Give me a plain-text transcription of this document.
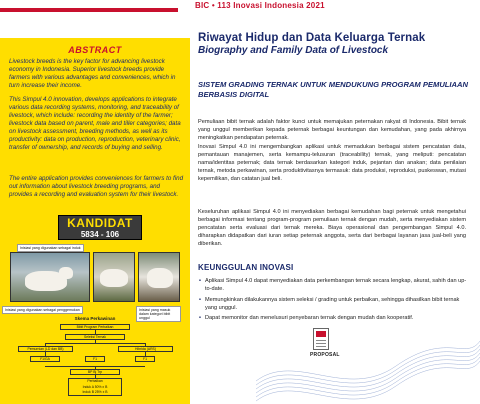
BIC • 113 Inovasi Indonesia 2021
ABSTRACT
Livestock breeds is the key factor for advancing livestock economy in Indonesia. Superior livestock breeds provide farmers with various advantages and conveniences, which in turn increase their income.
This Simpul 4.0 innovation, develops applications to integrate various data recording systems, monitoring, and traceability of livestock, which include: recording the identity of the farmer; livestock data based on parent, male and tiller categories; data on livestock assessment, breeding methods, as well as its productivity: data on production, reproduction, veterinary clinic, transfer of ownership, and records of buying and selling.
The entire application provides conveniences for farmers to find out information about livestock breeding programs, and provides a recording and evaluation system for their livestock.
KANDIDAT
5834 - 106
Inisiasi yang digunakan sebagai induk
Inisiasi yang digunakan sebagai penggemukan	Inisiasi yang masuk dalam kategori bibit unggul
Skema Perkawinan
Bibit Program Perbaikan
Seleksi Ternak
Pemurnian (LD dan BB)	Hibrida (ARS)
F1/GA	F1	F1
BP Bj Trp
Perbaikan
Induk A 50% x B
Induk B 25% x B
Riwayat Hidup dan Data Keluarga Ternak
Biography and Family Data of Livestock
SISTEM GRADING TERNAK UNTUK MENDUKUNG PROGRAM PEMULIAAN BERBASIS DIGITAL
Pemuliaan bibit ternak adalah faktor kunci untuk memajukan peternakan rakyat di Indonesia. Bibit ternak yang unggul memberikan kepada peternak berbagai keuntungan dan kemudahan, yang pada akhirnya meningkatkan pendapatan peternak.
Inovasi Simpul 4.0 ini mengembangkan aplikasi untuk memadukan berbagai sistem pencatatan data, pemantauan manajemen, serta kemampu-telusuran (traceability) ternak, yang meliputi: pencatatan nama/identitas peternak; data ternak berdasarkan kategori induk, pejantan dan anakan; data penilaian ternak, metoda perkawinan, serta produktivitasnya termasuk: data produksi, reproduksi, puskeswan, mutasi kepemilikan, dan catatan jual beli.
Keseluruhan aplikasi Simpul 4.0 ini menyediakan berbagai kemudahan bagi peternak untuk mengetahui berbagai informasi tentang program-program pemuliaan ternak dengan mudah, serta menyediakan sistem pencatatan serta evaluasi dari ternak mereka. Biaya operasional dan pengembangan Simpul 4.0. diharapkan didapatkan dari iuran setiap peternak anggota, serta dari berbagai layanan jasa jual-beli yang diberikan.
KEUNGGULAN INOVASI
• Aplikasi Simpul 4.0 dapat menyediakan data perkembangan ternak secara lengkap, akurat, sahih dan up-to-date.
• Memungkinkan dilakukannya sistem seleksi / grading untuk perbaikan, sehingga dihasilkan bibit ternak yang unggul.
• Dapat memonitor dan menelusuri penyebaran ternak dengan mudah dan kooperatif.
PROPOSAL
